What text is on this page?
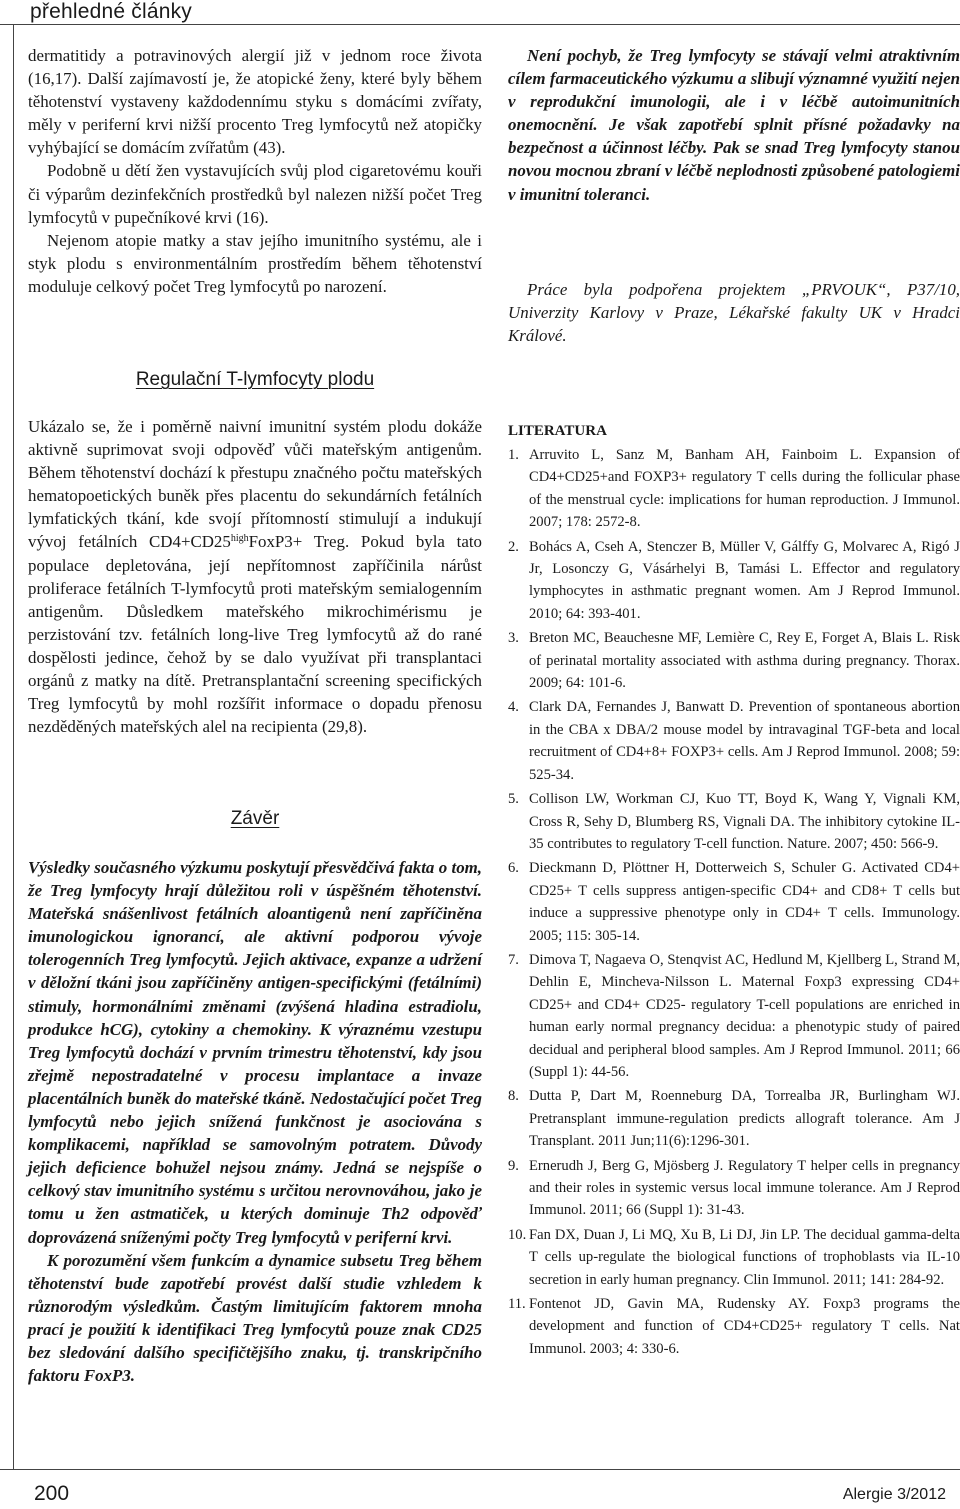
přehledné články

dermatitidy a potravinových alergií již v jednom roce života (16,17). Další zajímavostí je, že atopické ženy, které byly během těhotenství vystaveny každodennímu styku s domácími zvířaty, měly v periferní krvi nižší procento Treg lymfocytů než atopičky vyhýbající se domácím zvířatům (43).

Podobně u dětí žen vystavujících svůj plod cigaretovému kouři či výparům dezinfekčních prostředků byl nalezen nižší počet Treg lymfocytů v pupečníkové krvi (16).

Nejenom atopie matky a stav jejího imunitního systému, ale i styk plodu s environmentálním prostředím během těhotenství moduluje celkový počet Treg lymfocytů po narození.

Regulační T-lymfocyty plodu

Ukázalo se, že i poměrně naivní imunitní systém plodu dokáže aktivně suprimovat svoji odpověď vůči mateřským antigenům. Během těhotenství dochází k přestupu značného počtu mateřských hematopoetických buněk přes placentu do sekundárních fetálních lymfatických tkání, kde svojí přítomností stimulují a indukují vývoj fetálních $CD4+CD25^{high}FoxP3+$ Treg. Pokud byla tato populace depletována, její nepřítomnost zapříčinila nárůst proliferace fetálních T-lymfocytů proti mateřským semialogenním antigenům. Důsledkem mateřského mikrochimérismu je perzistování tzv. fetálních long-live Treg lymfocytů až do rané dospělosti jedince, čehož by se dalo využívat při transplantaci orgánů z matky na dítě. Pretransplantační screening specifických Treg lymfocytů by mohl rozšířit informace o dopadu přenosu nezděděných mateřských alel na recipienta (29,8).

Závěr

Výsledky současného výzkumu poskytují přesvědčivá fakta o tom, že Treg lymfocyty hrají důležitou roli v úspěšném těhotenství. Mateřská snášenlivost fetálních aloantigenů není zapříčiněna imunologickou ignorancí, ale aktivní podporou vývoje tolerogenních Treg lymfocytů. Jejich aktivace, expanze a udržení v děložní tkáni jsou zapříčiněny antigen-specifickými (fetálními) stimuly, hormonálními změnami (zvýšená hladina estradiolu, produkce hCG), cytokiny a chemokiny. K výraznému vzestupu Treg lymfocytů dochází v prvním trimestru těhotenství, kdy jsou zřejmě nepostradatelné v procesu implantace a invaze placentálních buněk do mateřské tkáně. Nedostačující počet Treg lymfocytů nebo jejich snížená funkčnost je asociována s komplikacemi, například se samovolným potratem. Důvody jejich deficience bohužel nejsou známy. Jedná se nejspíše o celkový stav imunitního systému s určitou nerovnováhou, jako je tomu u žen astmatiček, u kterých dominuje Th2 odpověď doprovázená sníženými počty Treg lymfocytů v periferní krvi.

K porozumění všem funkcím a dynamice subsetu Treg během těhotenství bude zapotřebí provést další studie vzhledem k různorodým výsledkům. Častým limitujícím faktorem mnoha prací je použití k identifikaci Treg lymfocytů pouze znak CD25 bez sledování dalšího specifičtějšího znaku, tj. transkripčního faktoru FoxP3.

Není pochyb, že Treg lymfocyty se stávají velmi atraktivním cílem farmaceutického výzkumu a slibují významné využití nejen v reprodukční imunologii, ale i v léčbě autoimunitních onemocnění. Je však zapotřebí splnit přísné požadavky na bezpečnost a účinnost léčby. Pak se snad Treg lymfocyty stanou novou mocnou zbraní v léčbě neplodnosti způsobené patologiemi v imunitní toleranci.

Práce byla podpořena projektem „PRVOUK“, P37/10, Univerzity Karlovy v Praze, Lékařské fakulty UK v Hradci Králové.

LITERATURA

1. Arruvito L, Sanz M, Banham AH, Fainboim L. Expansion of CD4+CD25+and FOXP3+ regulatory T cells during the follicular phase of the menstrual cycle: implications for human reproduction. J Immunol. 2007; 178: 2572-8.
2. Bohács A, Cseh A, Stenczer B, Müller V, Gálffy G, Molvarec A, Rigó J Jr, Losonczy G, Vásárhelyi B, Tamási L. Effector and regulatory lymphocytes in asthmatic pregnant women. Am J Reprod Immunol. 2010; 64: 393-401.
3. Breton MC, Beauchesne MF, Lemière C, Rey E, Forget A, Blais L. Risk of perinatal mortality associated with asthma during pregnancy. Thorax. 2009; 64: 101-6.
4. Clark DA, Fernandes J, Banwatt D. Prevention of spontaneous abortion in the CBA x DBA/2 mouse model by intravaginal TGF-beta and local recruitment of CD4+8+ FOXP3+ cells. Am J Reprod Immunol. 2008; 59: 525-34.
5. Collison LW, Workman CJ, Kuo TT, Boyd K, Wang Y, Vignali KM, Cross R, Sehy D, Blumberg RS, Vignali DA. The inhibitory cytokine IL-35 contributes to regulatory T-cell function. Nature. 2007; 450: 566-9.
6. Dieckmann D, Plöttner H, Dotterweich S, Schuler G. Activated CD4+ CD25+ T cells suppress antigen-specific CD4+ and CD8+ T cells but induce a suppressive phenotype only in CD4+ T cells. Immunology. 2005; 115: 305-14.
7. Dimova T, Nagaeva O, Stenqvist AC, Hedlund M, Kjellberg L, Strand M, Dehlin E, Mincheva-Nilsson L. Maternal Foxp3 expressing CD4+ CD25+ and CD4+ CD25- regulatory T-cell populations are enriched in human early normal pregnancy decidua: a phenotypic study of paired decidual and peripheral blood samples. Am J Reprod Immunol. 2011; 66 (Suppl 1): 44-56.
8. Dutta P, Dart M, Roenneburg DA, Torrealba JR, Burlingham WJ. Pretransplant immune-regulation predicts allograft tolerance. Am J Transplant. 2011 Jun;11(6):1296-301.
9. Ernerudh J, Berg G, Mjösberg J. Regulatory T helper cells in pregnancy and their roles in systemic versus local immune tolerance. Am J Reprod Immunol. 2011; 66 (Suppl 1): 31-43.
10. Fan DX, Duan J, Li MQ, Xu B, Li DJ, Jin LP. The decidual gamma-delta T cells up-regulate the biological functions of trophoblasts via IL-10 secretion in early human pregnancy. Clin Immunol. 2011; 141: 284-92.
11. Fontenot JD, Gavin MA, Rudensky AY. Foxp3 programs the development and function of CD4+CD25+ regulatory T cells. Nat Immunol. 2003; 4: 330-6.
200	Alergie 3/2012
